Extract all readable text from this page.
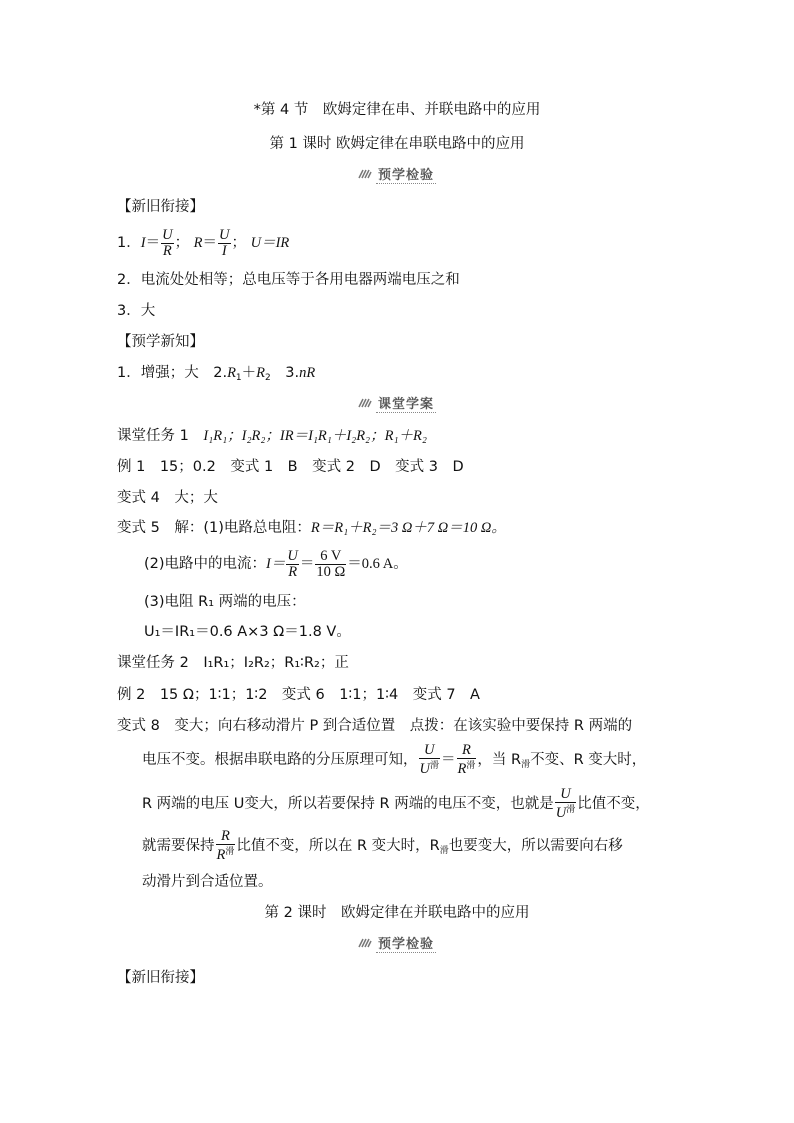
*第 4 节　欧姆定律在串、并联电路中的应用
第 1 课时 欧姆定律在串联电路中的应用
预学检验
【新旧衔接】
1．$I= \frac{U}{R}$ ； $R= \frac{U}{I}$ ； U＝IR
2．电流处处相等；总电压等于各用电器两端电压之和
3．大
【预学新知】
1．增强；大　$2.R_1+R_2$　3.nR
课堂学案
课堂任务 1　I₁R₁；I₂R₂；IR＝I₁R₁＋I₂R₂；R₁＋R₂
例 1　15；0.2　变式 1　B　变式 2　D　变式 3　D
变式 4　大；大
变式 5　解：(1)电路总电阻：R＝R₁＋R₂＝3 Ω＋7 Ω＝10 Ω。
(2)电路中的电流：$I= \frac{U}{R} = \frac{6 V}{10 \Omega} =0.6$ A。
(3)电阻 R₁ 两端的电压：
U₁＝IR₁＝0.6 A×3 Ω＝1.8 V。
课堂任务 2　I₁R₁；I₂R₂；R₁∶R₂；正
例 2　15 Ω；1∶1；1∶2　变式 6　1∶1；1∶4　变式 7　A
变式 8　变大；向右移动滑片 P 到合适位置　点拨：在该实验中要保持 R 两端的
电压不变。根据串联电路的分压原理可知， $\frac{U}{U^滑} = \frac{R}{R^滑}$ ，当 $R_滑$不变、R 变大时，
R 两端的电压 U变大，所以若要保持 R 两端的电压不变，也就是 $\frac{U}{U^滑}$ 比值不变，
就需要保持 $\frac{R}{R^滑}$ 比值不变，所以在 R 变大时，$R_滑$也要变大，所以需要向右移
动滑片到合适位置。
第 2 课时　欧姆定律在并联电路中的应用
预学检验
【新旧衔接】
